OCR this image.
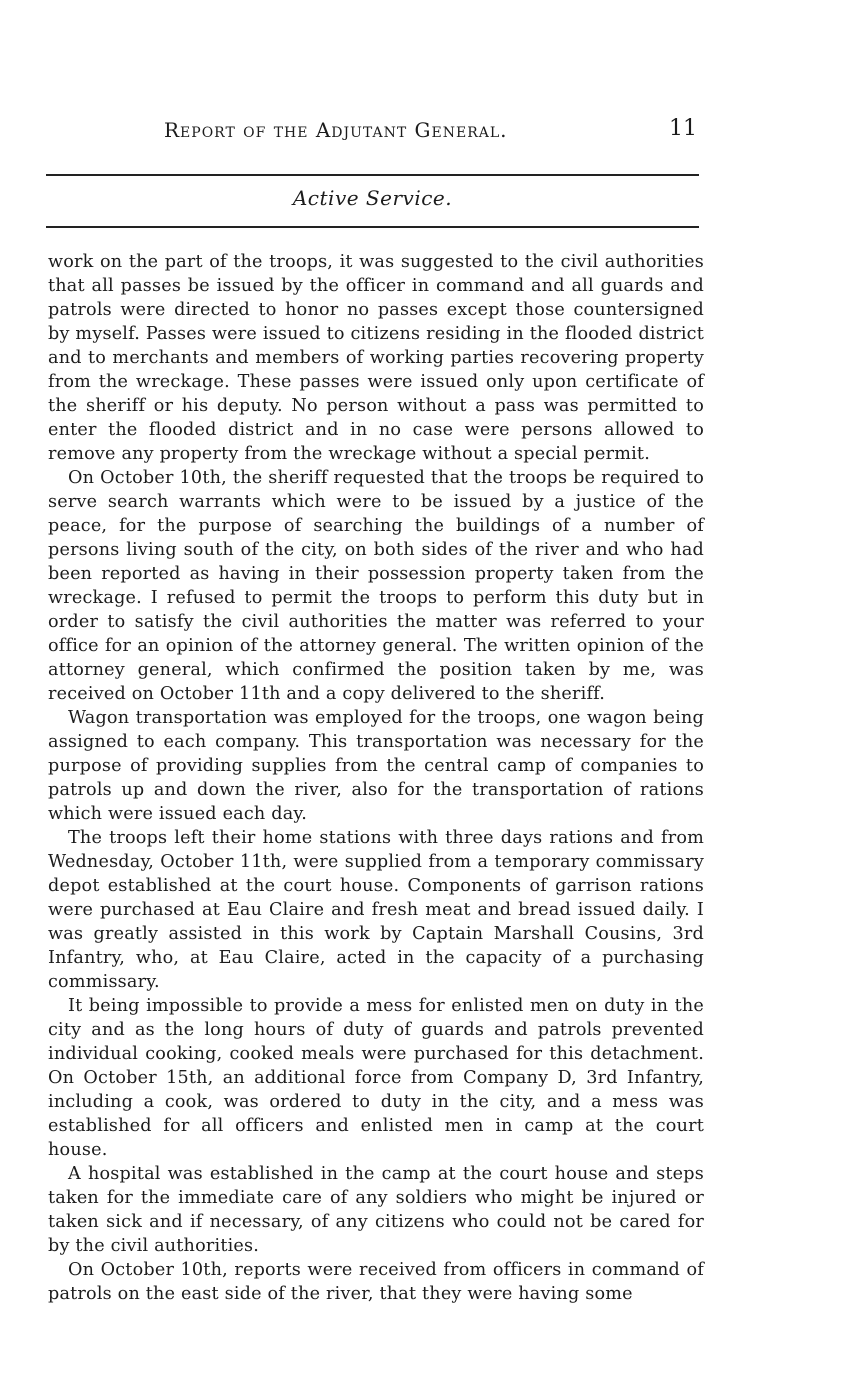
Report of the Adjutant General.	11
Active Service.

work on the part of the troops, it was suggested to the civil authorities that all passes be issued by the officer in command and all guards and patrols were directed to honor no passes except those countersigned by myself. Passes were issued to citizens residing in the flooded district and to merchants and members of working parties recovering property from the wreckage. These passes were issued only upon certificate of the sheriff or his deputy. No person without a pass was permitted to enter the flooded district and in no case were persons allowed to remove any property from the wreckage without a special permit.

On October 10th, the sheriff requested that the troops be required to serve search warrants which were to be issued by a justice of the peace, for the purpose of searching the buildings of a number of persons living south of the city, on both sides of the river and who had been reported as having in their possession property taken from the wreckage. I refused to permit the troops to perform this duty but in order to satisfy the civil authorities the matter was referred to your office for an opinion of the attorney general. The written opinion of the attorney general, which confirmed the position taken by me, was received on October 11th and a copy delivered to the sheriff.

Wagon transportation was employed for the troops, one wagon being assigned to each company. This transportation was necessary for the purpose of providing supplies from the central camp of companies to patrols up and down the river, also for the transportation of rations which were issued each day.

The troops left their home stations with three days rations and from Wednesday, October 11th, were supplied from a temporary commissary depot established at the court house. Components of garrison rations were purchased at Eau Claire and fresh meat and bread issued daily. I was greatly assisted in this work by Captain Marshall Cousins, 3rd Infantry, who, at Eau Claire, acted in the capacity of a purchasing commissary.

It being impossible to provide a mess for enlisted men on duty in the city and as the long hours of duty of guards and patrols prevented individual cooking, cooked meals were purchased for this detachment. On October 15th, an additional force from Company D, 3rd Infantry, including a cook, was ordered to duty in the city, and a mess was established for all officers and enlisted men in camp at the court house.

A hospital was established in the camp at the court house and steps taken for the immediate care of any soldiers who might be injured or taken sick and if necessary, of any citizens who could not be cared for by the civil authorities.

On October 10th, reports were received from officers in command of patrols on the east side of the river, that they were having some
